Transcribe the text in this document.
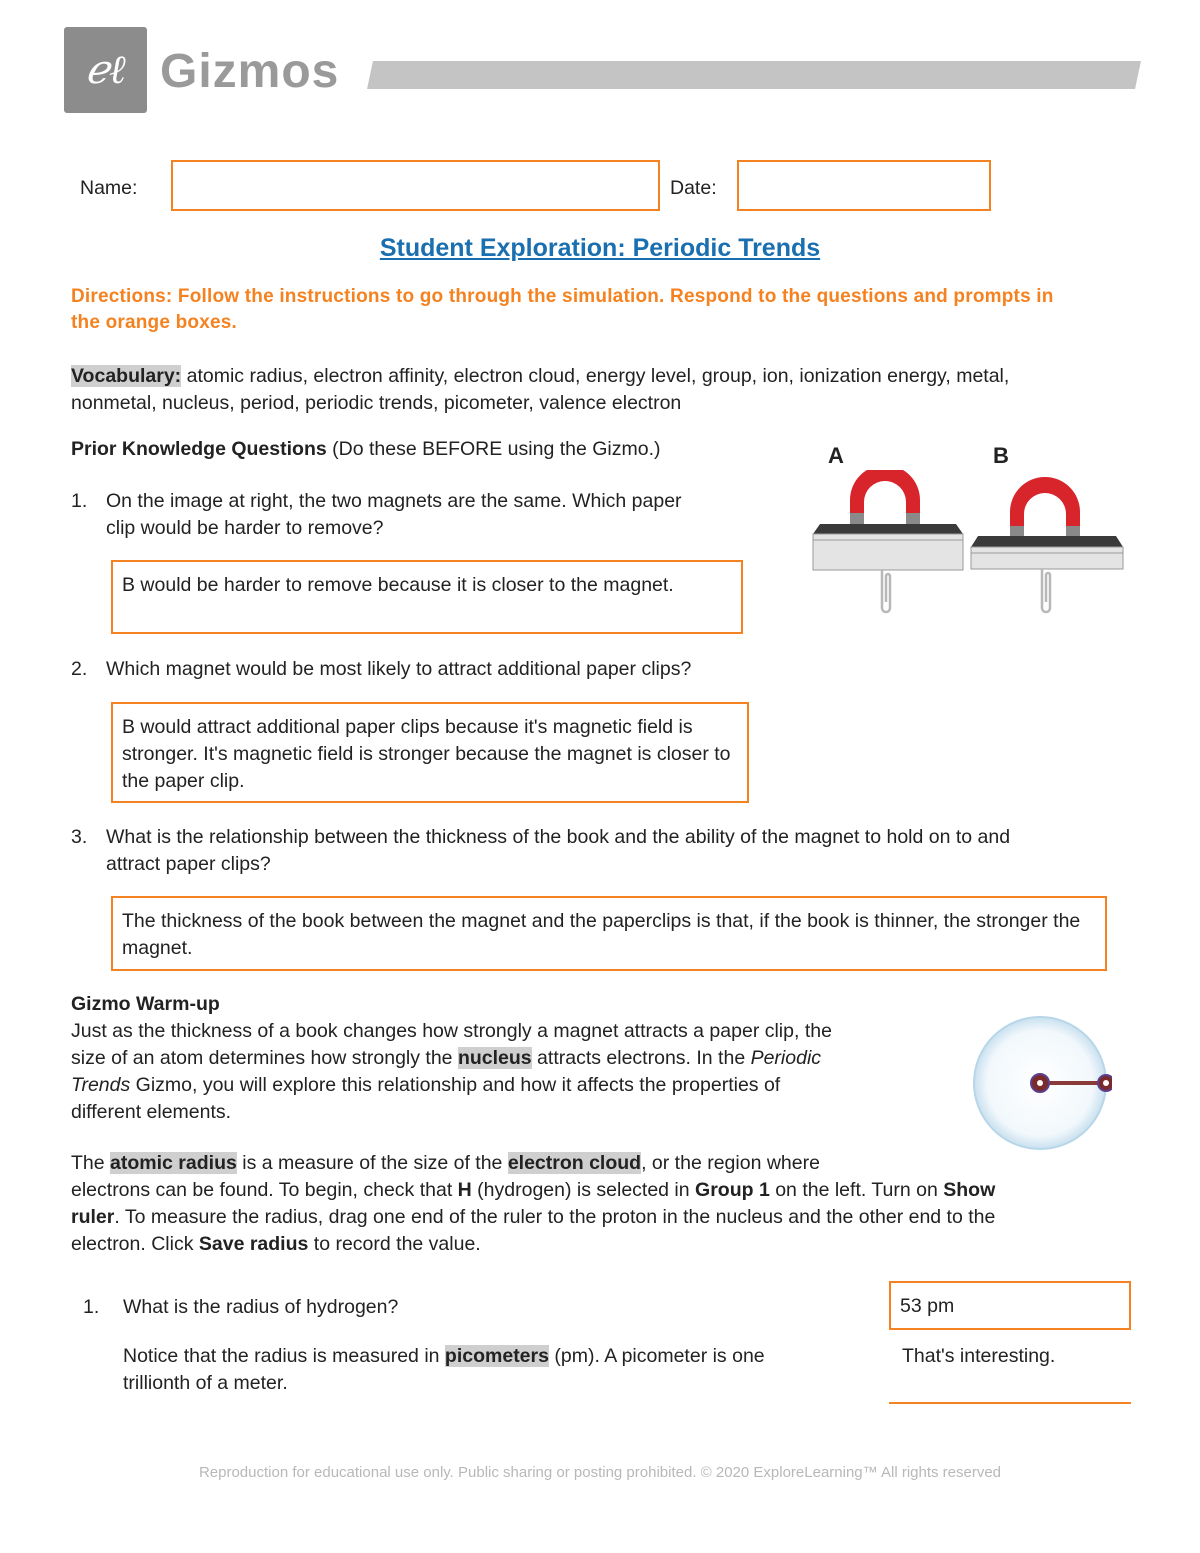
ℯℓ Gizmos
Name:	Date:
Student Exploration: Periodic Trends
Directions: Follow the instructions to go through the simulation. Respond to the questions and prompts in the orange boxes.
Vocabulary: atomic radius, electron affinity, electron cloud, energy level, group, ion, ionization energy, metal,
nonmetal, nucleus, period, periodic trends, picometer, valence electron
Prior Knowledge Questions (Do these BEFORE using the Gizmo.)
1. On the image at right, the two magnets are the same. Which paper
clip would be harder to remove?
B would be harder to remove because it is closer to the magnet.
2. Which magnet would be most likely to attract additional paper clips?
B would attract additional paper clips because it's magnetic field is stronger. It's magnetic field is stronger because the magnet is closer to the paper clip.
3. What is the relationship between the thickness of the book and the ability of the magnet to hold on to and
attract paper clips?
The thickness of the book between the magnet and the paperclips is that, if the book is thinner, the stronger the magnet.
A	B
Gizmo Warm-up
Just as the thickness of a book changes how strongly a magnet attracts a paper clip, the
size of an atom determines how strongly the nucleus attracts electrons. In the Periodic
Trends Gizmo, you will explore this relationship and how it affects the properties of
different elements.
The atomic radius is a measure of the size of the electron cloud, or the region where
electrons can be found. To begin, check that H (hydrogen) is selected in Group 1 on the left. Turn on Show
ruler. To measure the radius, drag one end of the ruler to the proton in the nucleus and the other end to the
electron. Click Save radius to record the value.
1. What is the radius of hydrogen?	53 pm
Notice that the radius is measured in picometers (pm). A picometer is one
trillionth of a meter.
That's interesting.
Reproduction for educational use only. Public sharing or posting prohibited. © 2020 ExploreLearning™ All rights reserved
